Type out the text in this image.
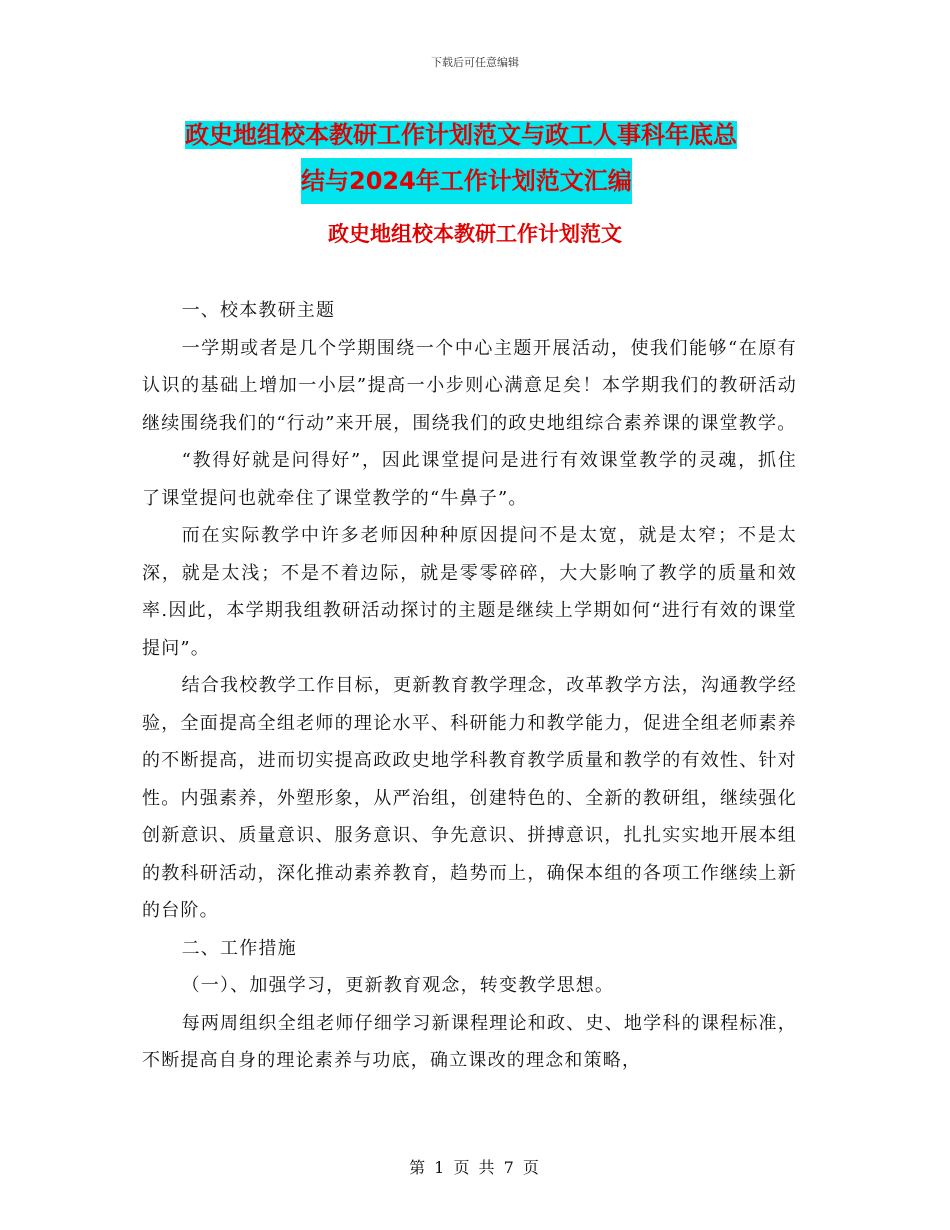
下载后可任意编辑
政史地组校本教研工作计划范文与政工人事科年底总
结与2024年工作计划范文汇编
政史地组校本教研工作计划范文

一、校本教研主题

一学期或者是几个学期围绕一个中心主题开展活动，使我们能够“在原有认识的基础上增加一小层”提高一小步则心满意足矣！本学期我们的教研活动继续围绕我们的“行动”来开展，围绕我们的政史地组综合素养课的课堂教学。

“教得好就是问得好”，因此课堂提问是进行有效课堂教学的灵魂，抓住了课堂提问也就牵住了课堂教学的“牛鼻子”。

而在实际教学中许多老师因种种原因提问不是太宽，就是太窄；不是太深，就是太浅；不是不着边际，就是零零碎碎，大大影响了教学的质量和效率.因此，本学期我组教研活动探讨的主题是继续上学期如何“进行有效的课堂提问”。

结合我校教学工作目标，更新教育教学理念，改革教学方法，沟通教学经验，全面提高全组老师的理论水平、科研能力和教学能力，促进全组老师素养的不断提高，进而切实提高政政史地学科教育教学质量和教学的有效性、针对性。内强素养，外塑形象，从严治组，创建特色的、全新的教研组，继续强化创新意识、质量意识、服务意识、争先意识、拼搏意识，扎扎实实地开展本组的教科研活动，深化推动素养教育，趋势而上，确保本组的各项工作继续上新的台阶。

二、工作措施

（一）、加强学习，更新教育观念，转变教学思想。

每两周组织全组老师仔细学习新课程理论和政、史、地学科的课程标准，不断提高自身的理论素养与功底，确立课改的理念和策略，

第 1 页 共 7 页
